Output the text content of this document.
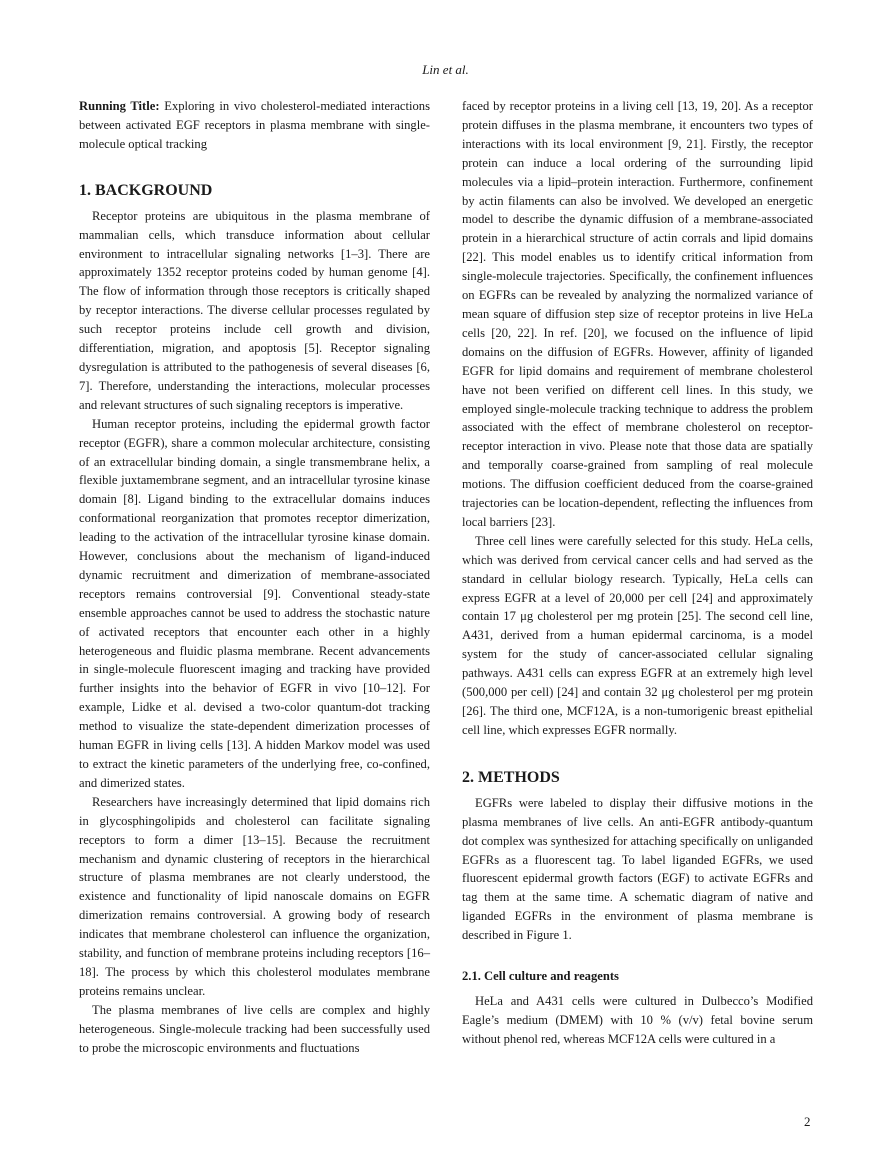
Lin et al.

Running Title: Exploring in vivo cholesterol-mediated interactions between activated EGF receptors in plasma membrane with single-molecule optical tracking

1. BACKGROUND

Receptor proteins are ubiquitous in the plasma membrane of mammalian cells, which transduce information about cellular environment to intracellular signaling networks [1–3]. There are approximately 1352 receptor proteins coded by human genome [4]. The flow of information through those receptors is critically shaped by receptor interactions. The diverse cellular processes regulated by such receptor proteins include cell growth and division, differentiation, migration, and apoptosis [5]. Receptor signaling dysregulation is attributed to the pathogenesis of several diseases [6, 7]. Therefore, understanding the interactions, molecular processes and relevant structures of such signaling receptors is imperative.

Human receptor proteins, including the epidermal growth factor receptor (EGFR), share a common molecular architecture, consisting of an extracellular binding domain, a single transmembrane helix, a flexible juxtamembrane segment, and an intracellular tyrosine kinase domain [8]. Ligand binding to the extracellular domains induces conformational reorganization that promotes receptor dimerization, leading to the activation of the intracellular tyrosine kinase domain. However, conclusions about the mechanism of ligand-induced dynamic recruitment and dimerization of membrane-associated receptors remains controversial [9]. Conventional steady-state ensemble approaches cannot be used to address the stochastic nature of activated receptors that encounter each other in a highly heterogeneous and fluidic plasma membrane. Recent advancements in single-molecule fluorescent imaging and tracking have provided further insights into the behavior of EGFR in vivo [10–12]. For example, Lidke et al. devised a two-color quantum-dot tracking method to visualize the state-dependent dimerization processes of human EGFR in living cells [13]. A hidden Markov model was used to extract the kinetic parameters of the underlying free, co-confined, and dimerized states.

Researchers have increasingly determined that lipid domains rich in glycosphingolipids and cholesterol can facilitate signaling receptors to form a dimer [13–15]. Because the recruitment mechanism and dynamic clustering of receptors in the hierarchical structure of plasma membranes are not clearly understood, the existence and functionality of lipid nanoscale domains on EGFR dimerization remains controversial. A growing body of research indicates that membrane cholesterol can influence the organization, stability, and function of membrane proteins including receptors [16–18]. The process by which this cholesterol modulates membrane proteins remains unclear.

The plasma membranes of live cells are complex and highly heterogeneous. Single-molecule tracking had been successfully used to probe the microscopic environments and fluctuations

faced by receptor proteins in a living cell [13, 19, 20]. As a receptor protein diffuses in the plasma membrane, it encounters two types of interactions with its local environment [9, 21]. Firstly, the receptor protein can induce a local ordering of the surrounding lipid molecules via a lipid–protein interaction. Furthermore, confinement by actin filaments can also be involved. We developed an energetic model to describe the dynamic diffusion of a membrane-associated protein in a hierarchical structure of actin corrals and lipid domains [22]. This model enables us to identify critical information from single-molecule trajectories. Specifically, the confinement influences on EGFRs can be revealed by analyzing the normalized variance of mean square of diffusion step size of receptor proteins in live HeLa cells [20, 22]. In ref. [20], we focused on the influence of lipid domains on the diffusion of EGFRs. However, affinity of liganded EGFR for lipid domains and requirement of membrane cholesterol have not been verified on different cell lines. In this study, we employed single-molecule tracking technique to address the problem associated with the effect of membrane cholesterol on receptor-receptor interaction in vivo. Please note that those data are spatially and temporally coarse-grained from sampling of real molecule motions. The diffusion coefficient deduced from the coarse-grained trajectories can be location-dependent, reflecting the influences from local barriers [23].

Three cell lines were carefully selected for this study. HeLa cells, which was derived from cervical cancer cells and had served as the standard in cellular biology research. Typically, HeLa cells can express EGFR at a level of 20,000 per cell [24] and approximately contain 17 μg cholesterol per mg protein [25]. The second cell line, A431, derived from a human epidermal carcinoma, is a model system for the study of cancer-associated cellular signaling pathways. A431 cells can express EGFR at an extremely high level (500,000 per cell) [24] and contain 32 μg cholesterol per mg protein [26]. The third one, MCF12A, is a non-tumorigenic breast epithelial cell line, which expresses EGFR normally.

2. METHODS

EGFRs were labeled to display their diffusive motions in the plasma membranes of live cells. An anti-EGFR antibody-quantum dot complex was synthesized for attaching specifically on unliganded EGFRs as a fluorescent tag. To label liganded EGFRs, we used fluorescent epidermal growth factors (EGF) to activate EGFRs and tag them at the same time. A schematic diagram of native and liganded EGFRs in the environment of plasma membrane is described in Figure 1.

2.1. Cell culture and reagents

HeLa and A431 cells were cultured in Dulbecco’s Modified Eagle’s medium (DMEM) with 10 % (v/v) fetal bovine serum without phenol red, whereas MCF12A cells were cultured in a

2
